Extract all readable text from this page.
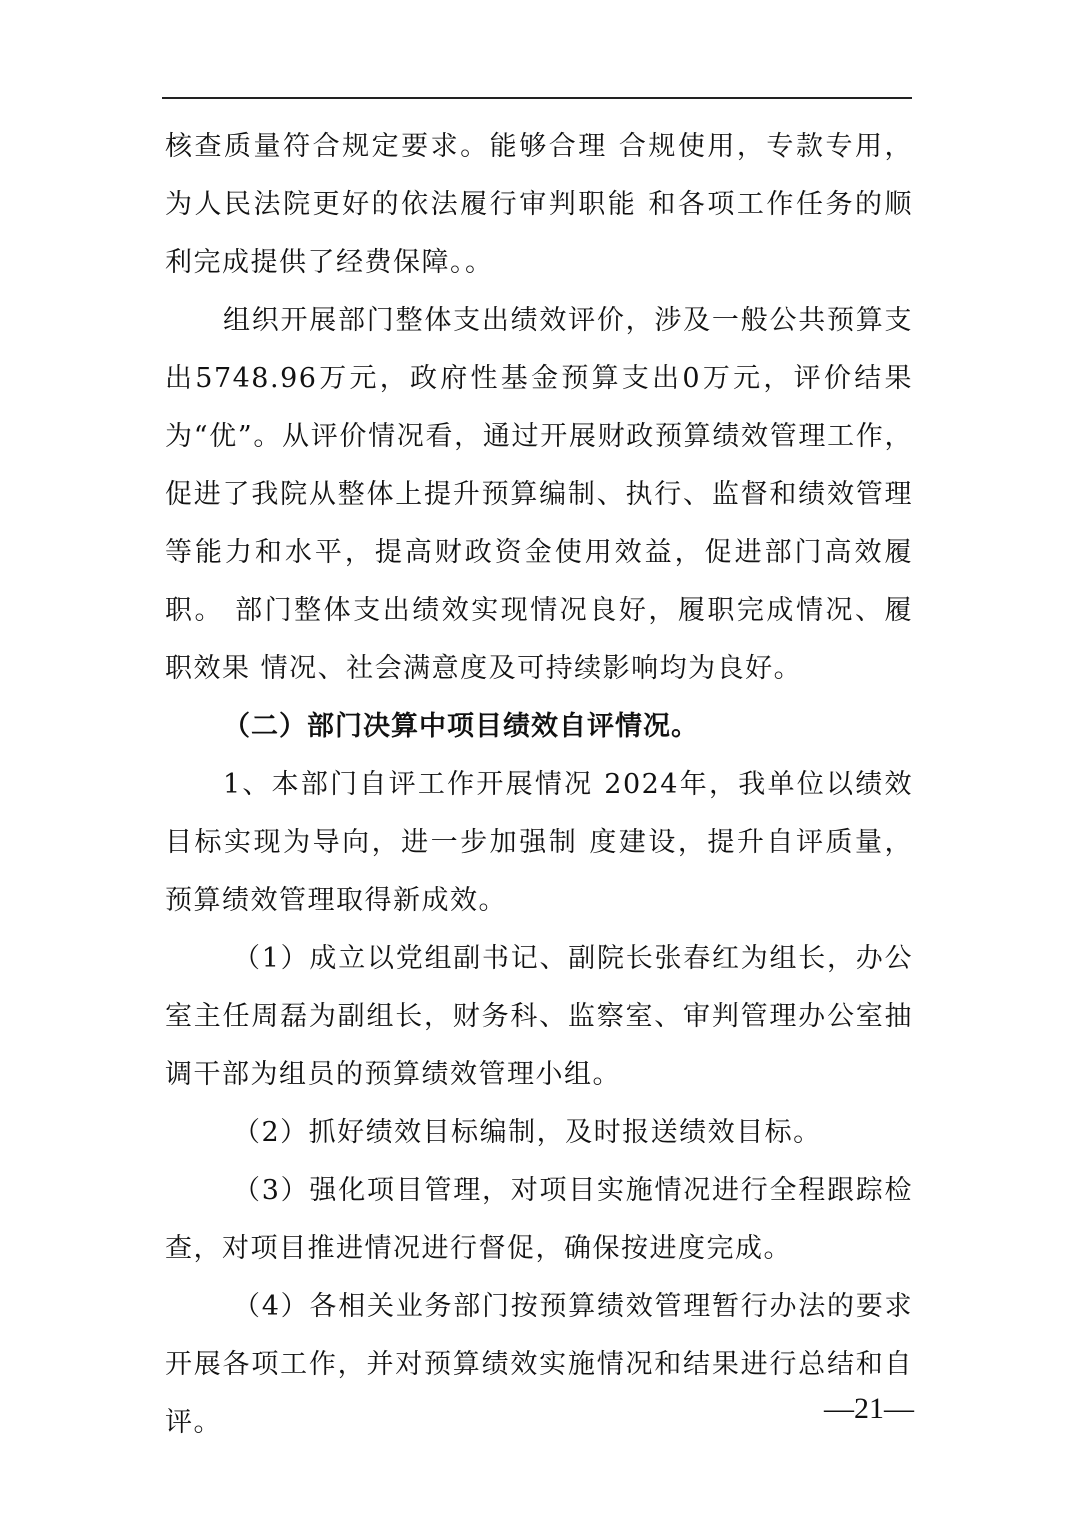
核查质量符合规定要求。能够合理 合规使用，专款专用，为人民法院更好的依法履行审判职能 和各项工作任务的顺利完成提供了经费保障。。

组织开展部门整体支出绩效评价，涉及一般公共预算支出5748.96万元，政府性基金预算支出0万元，评价结果为“优”。从评价情况看，通过开展财政预算绩效管理工作， 促进了我院从整体上提升预算编制、执行、监督和绩效管理 等能力和水平，提高财政资金使用效益，促进部门高效履职。 部门整体支出绩效实现情况良好，履职完成情况、履职效果 情况、社会满意度及可持续影响均为良好。

（二）部门决算中项目绩效自评情况。

1、本部门自评工作开展情况 2024年，我单位以绩效目标实现为导向，进一步加强制 度建设，提升自评质量，预算绩效管理取得新成效。

（1）成立以党组副书记、副院长张春红为组长，办公室主任周磊为副组长，财务科、监察室、审判管理办公室抽调干部为组员的预算绩效管理小组。

（2）抓好绩效目标编制，及时报送绩效目标。

（3）强化项目管理，对项目实施情况进行全程跟踪检查，对项目推进情况进行督促，确保按进度完成。

（4）各相关业务部门按预算绩效管理暂行办法的要求 开展各项工作，并对预算绩效实施情况和结果进行总结和自评。	—21—
